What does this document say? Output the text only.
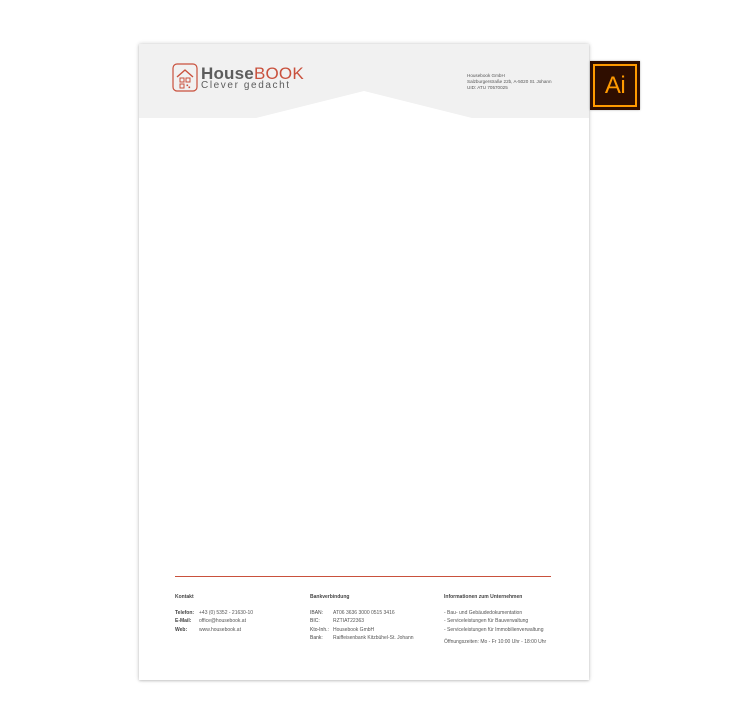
HouseBOOK
Clever gedacht
Housebook GmbH
Salzburgerstraße 22b, A-5020 St. Johann
UID: ATU 70570025
Kontakt
Telefon: +43 (0) 5352 - 21630-10
E-Mail: office@housebook.at
Web: www.housebook.at
Bankverbindung
IBAN: AT06 3636 3000 0515 3416
BIC:	RZTIAT22363
Kto-Inh.: Housebook GmbH
Bank: Raiffeisenbank Kitzbühel-St. Johann
Informationen zum Unternehmen
- Bau- und Gebäudedokumentation
- Serviceleistungen für Bauverwaltung
- Serviceleistungen für Immobilienverwaltung
Öffnungszeiten: Mo - Fr 10:00 Uhr - 18:00 Uhr
Ai
